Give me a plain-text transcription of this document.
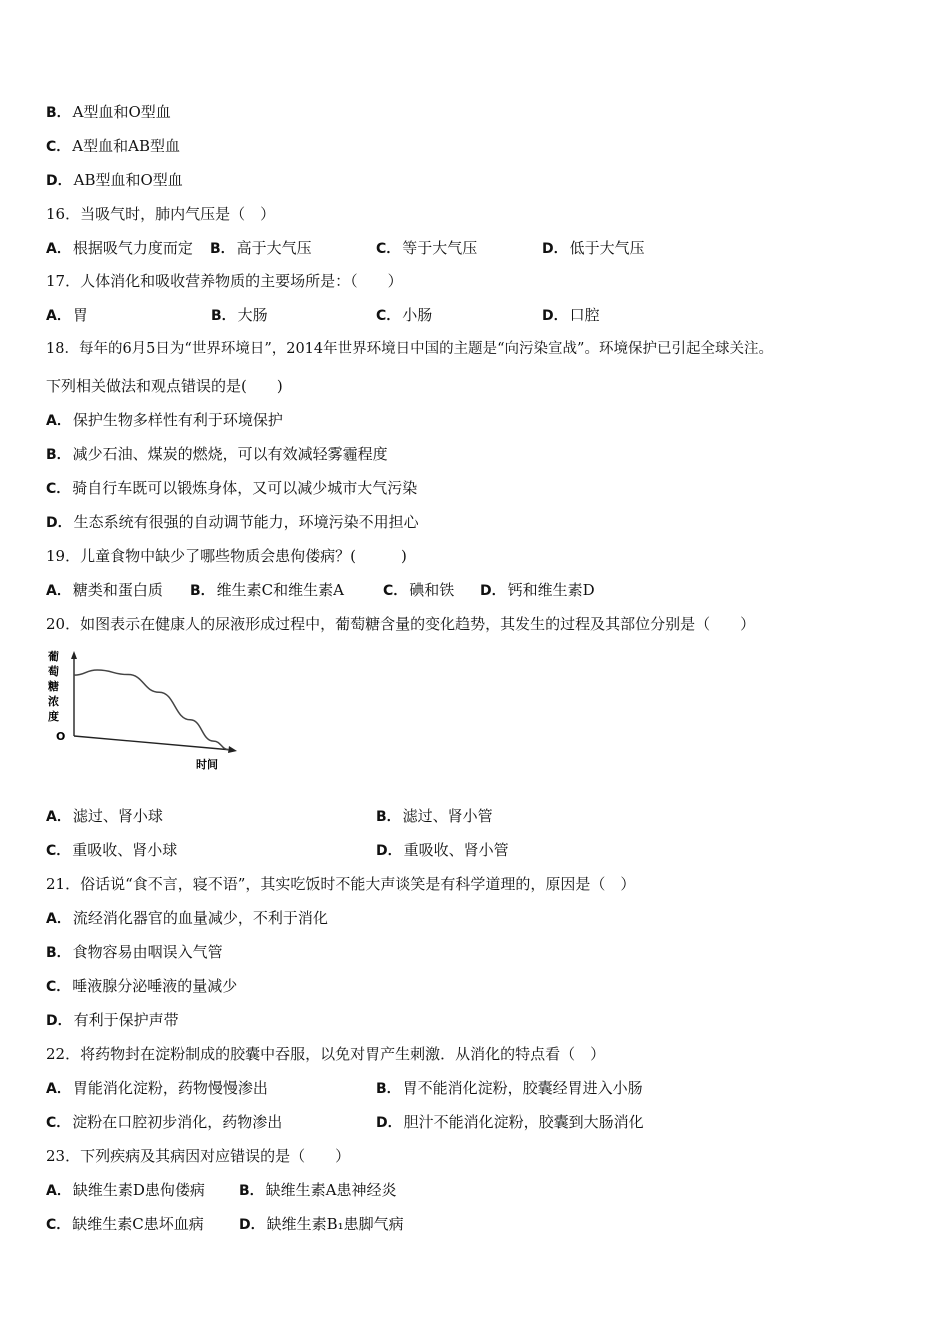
B． A型血和O型血
C． A型血和AB型血
D． AB型血和O型血
16．当吸气时，肺内气压是（　）
A． 根据吸气力度而定 B． 高于大气压	C． 等于大气压	D． 低于大气压
17．人体消化和吸收营养物质的主要场所是：（　　）
A． 胃	B． 大肠	C． 小肠	D． 口腔
18．每年的6月5日为“世界环境日”，2014年世界环境日中国的主题是“向污染宣战”。环境保护已引起全球关注。
下列相关做法和观点错误的是(　　)
A． 保护生物多样性有利于环境保护
B． 减少石油、煤炭的燃烧，可以有效减轻雾霾程度
C． 骑自行车既可以锻炼身体，又可以减少城市大气污染
D． 生态系统有很强的自动调节能力，环境污染不用担心
19．儿童食物中缺少了哪些物质会患佝偻病？(　　　)
A． 糖类和蛋白质 B． 维生素C和维生素A	C． 碘和铁 D． 钙和维生素D
20．如图表示在健康人的尿液形成过程中，葡萄糖含量的变化趋势，其发生的过程及其部位分别是（　　）
葡
萄
糖
浓
度
O
时间
A． 滤过、肾小球	B． 滤过、肾小管
C． 重吸收、肾小球	D． 重吸收、肾小管
21．俗话说“食不言，寝不语”，其实吃饭时不能大声谈笑是有科学道理的，原因是（　）
A． 流经消化器官的血量减少，不利于消化
B． 食物容易由咽误入气管
C． 唾液腺分泌唾液的量减少
D． 有利于保护声带
22．将药物封在淀粉制成的胶囊中吞服，以免对胃产生刺激．从消化的特点看（　）
A． 胃能消化淀粉，药物慢慢渗出	B． 胃不能消化淀粉，胶囊经胃进入小肠
C． 淀粉在口腔初步消化，药物渗出	D． 胆汁不能消化淀粉，胶囊到大肠消化
23．下列疾病及其病因对应错误的是（　　）
A． 缺维生素D患佝偻病 B． 缺维生素A患神经炎
C． 缺维生素C患坏血病	D． 缺维生素B₁患脚气病
